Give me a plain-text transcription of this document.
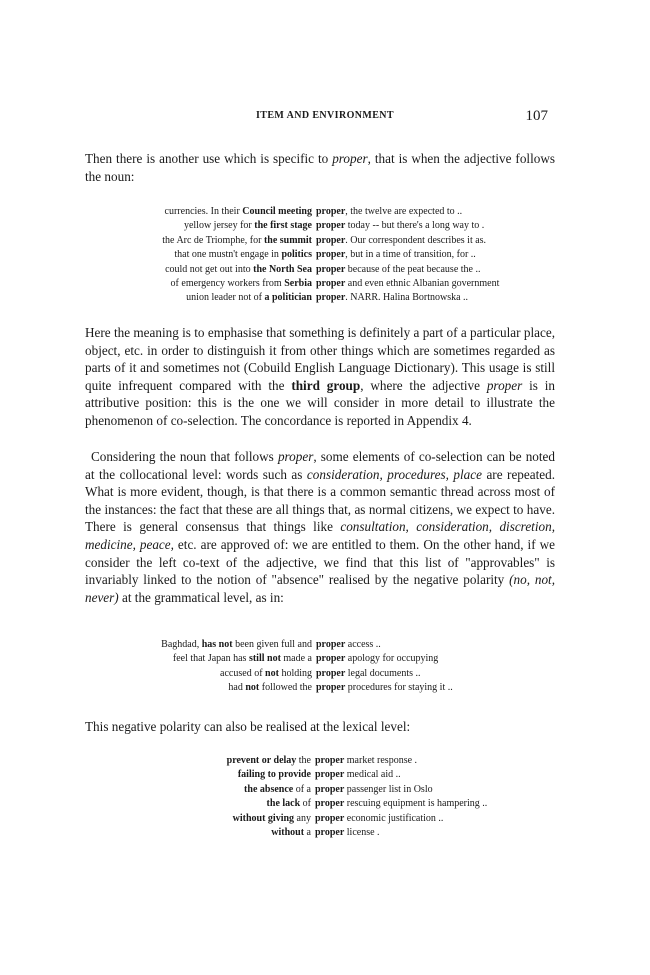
ITEM AND ENVIRONMENT	107

Then there is another use which is specific to proper, that is when the adjective follows the noun:

currencies. In their Council meeting proper, the twelve are expected to ..
yellow jersey for the first stage proper today -- but there's a long way to .
the Arc de Triomphe, for the summit proper. Our correspondent describes it as.
that one mustn't engage in politics proper, but in a time of transition, for ..
could not get out into the North Sea proper because of the peat because the ..
of emergency workers from Serbia proper and even ethnic Albanian government
union leader not of a politician proper. NARR. Halina Bortnowska ..

Here the meaning is to emphasise that something is definitely a part of a particular place, object, etc. in order to distinguish it from other things which are sometimes regarded as parts of it and sometimes not (Cobuild English Language Dictionary). This usage is still quite infrequent compared with the third group, where the adjective proper is in attributive position: this is the one we will consider in more detail to illustrate the phenomenon of co-selection. The concordance is reported in Appendix 4.

Considering the noun that follows proper, some elements of co-selection can be noted at the collocational level: words such as consideration, procedures, place are repeated. What is more evident, though, is that there is a common semantic thread across most of the instances: the fact that these are all things that, as normal citizens, we expect to have. There is general consensus that things like consultation, consideration, discretion, medicine, peace, etc. are approved of: we are entitled to them. On the other hand, if we consider the left co-text of the adjective, we find that this list of "approvables" is invariably linked to the notion of "absence" realised by the negative polarity (no, not, never) at the grammatical level, as in:

Baghdad, has not been given full and proper access ..
feel that Japan has still not made a proper apology for occupying
accused of not holding proper legal documents ..
had not followed the proper procedures for staying it ..

This negative polarity can also be realised at the lexical level:

prevent or delay the proper market response .
failing to provide proper medical aid ..
the absence of a proper passenger list in Oslo
the lack of proper rescuing equipment is hampering ..
without giving any proper economic justification ..
without a proper license .
